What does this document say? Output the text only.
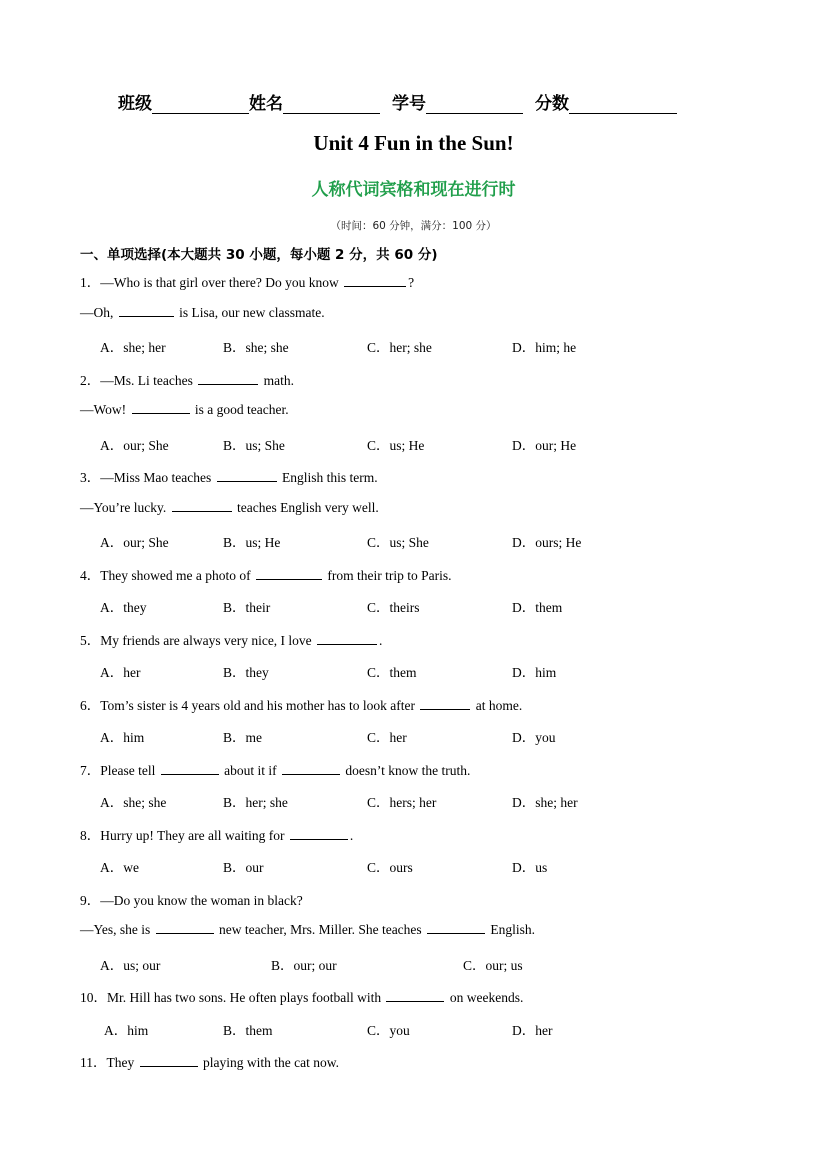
班级	姓名	学号	分数
Unit 4 Fun in the Sun!
人称代词宾格和现在进行时
（时间：60 分钟，满分：100 分）
一、单项选择(本大题共 30 小题，每小题 2 分，共 60 分)
1．—Who is that girl over there? Do you know	?
—Oh,	is Lisa, our new classmate.
A．she; her	B．she; she	C．her; she	D．him; he
2．—Ms. Li teaches	math.
—Wow!	is a good teacher.
A．our; She	B．us; She	C．us; He	D．our; He
3．—Miss Mao teaches	English this term.
—You’re lucky.	teaches English very well.
A．our; She	B．us; He	C．us; She	D．ours; He
4．They showed me a photo of	from their trip to Paris.
A．they	B．their	C．theirs	D．them
5．My friends are always very nice, I love	.
A．her	B．they	C．them	D．him
6．Tom’s sister is 4 years old and his mother has to look after	at home.
A．him	B．me	C．her	D．you
7．Please tell	about it if	doesn’t know the truth.
A．she; she	B．her; she	C．hers; her	D．she; her
8．Hurry up! They are all waiting for	.
A．we	B．our	C．ours	D．us
9．—Do you know the woman in black?
—Yes, she is	new teacher, Mrs. Miller. She teaches	English.
A．us; our	B．our; our	C．our; us
10．Mr. Hill has two sons. He often plays football with	on weekends.
A．him	B．them	C．you	D．her
11．They	playing with the cat now.
